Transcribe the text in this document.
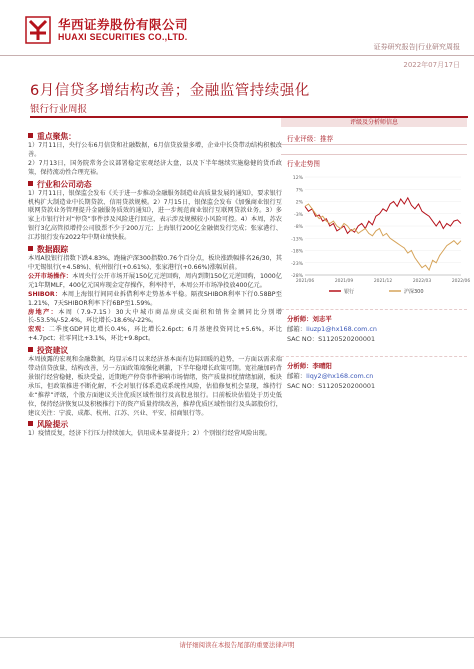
华西证券股份有限公司
HUAXI SECURITIES CO.,LTD.
证券研究报告|行业研究周报
2022年07月17日
6月信贷多增结构改善；金融监管持续强化
银行行业周报
重点聚焦：

1）7月11日，央行公布6月信贷和社融数据，6月信贷放量多增，企业中长贷带动结构积极改善。

2）7月13日，国务院常务会议部署稳定宏观经济大盘，以及下半年继续实施稳健的货币政策，保持流动性合理充裕。

行业和公司动态

1）7月11日，银保监会发布《关于进一步推动金融服务制造业高质量发展的通知》，要求银行机构扩大制造业中长期贷款、信用贷款规模。2）7月15日，银保监会发布《加强商业银行互联网贷款业务管理提升金融服务质效的通知》，进一步规范商业银行互联网贷款业务。3）多家上市银行针对“停贷”事件涉及风险进行回应，表示涉及规模较小风险可控。4）本周，苏农银行3亿高管拟增持公司股票不少于200万元；上海银行200亿金融债发行完成；张家港行、江苏银行发布2022年中期业绩快报。

数据跟踪

本周A股银行指数下跌4.83%，跑输沪深300指数0.76个百分点，板块涨跌幅排名26/30，其中无锡银行(+4.58%)、杭州银行(+0.61%)、张家港行(+0.66%)涨幅居前。

公开市场操作：本周央行公开市场开展150亿元逆回购，周内到期150亿元逆回购，1000亿元1年期MLF，400亿元国库现金定存操作，利率持平，本周公开市场净投放400亿元。

SHIBOR：本周上海银行间同业拆借利率走势基本平稳。隔夜SHIBOR利率下行0.58BP至1.21%，7天SHIBOR利率下行6BP至1.59%。

房地产：本周（7.9-7.15）30大中城市商品房成交面积和销售金额同比分别增长-53.5%/-52.4%，环比增长-18.6%/-22%。

宏观：二季度GDP同比增长0.4%，环比增长2.6pct；6月基建投资同比+5.6%，环比+4.7pct；社零同比+3.1%，环比+9.8pct。

投资建议

本周披露的宏观和金融数据，均显示6月以来经济基本面有边际回暖的趋势，一方面以需求端带动信贷放量，结构改善，另一方面政策端强化刺激，下半年稳增长政策可期。宽社融加码背景银行经营稳健，板块受益，近期地产停贷事件影响市场情绪，资产质量担忧情绪加剧，板块承压，但政策推进不断化解，不会对银行体系造成系统性风险，估值修复机会显现，维持行业“推荐”评级，个股方面建议关注优质区域性银行及高股息银行。目前板块估值处于历史低位，保持经济恢复以及积极推行下的资产质量持续改善，推荐优质区域性银行及头部股份行，建议关注：宁波、成都、杭州、江苏、兴业、平安、招商银行等。

风险提示

1）疫情反复，经济下行压力持续加大，信用成本显著提升；2）个别银行经营风险出现。

评级及分析师信息
行业评级：推荐
行业走势图
12%
7%
2%
-3%
-8%
-13%
-18%
-23%
-28%
2021/06	2021/09	2021/12	2022/03	2022/06
银行	沪深300
分析师：刘志平
邮箱：liuzp1@hx168.com.cn
SAC NO：S1120520200001
分析师：李晴阳
邮箱：liqy2@hx168.com.cn
SAC NO：S1120520200001
请仔细阅读在本报告尾部的重要法律声明
